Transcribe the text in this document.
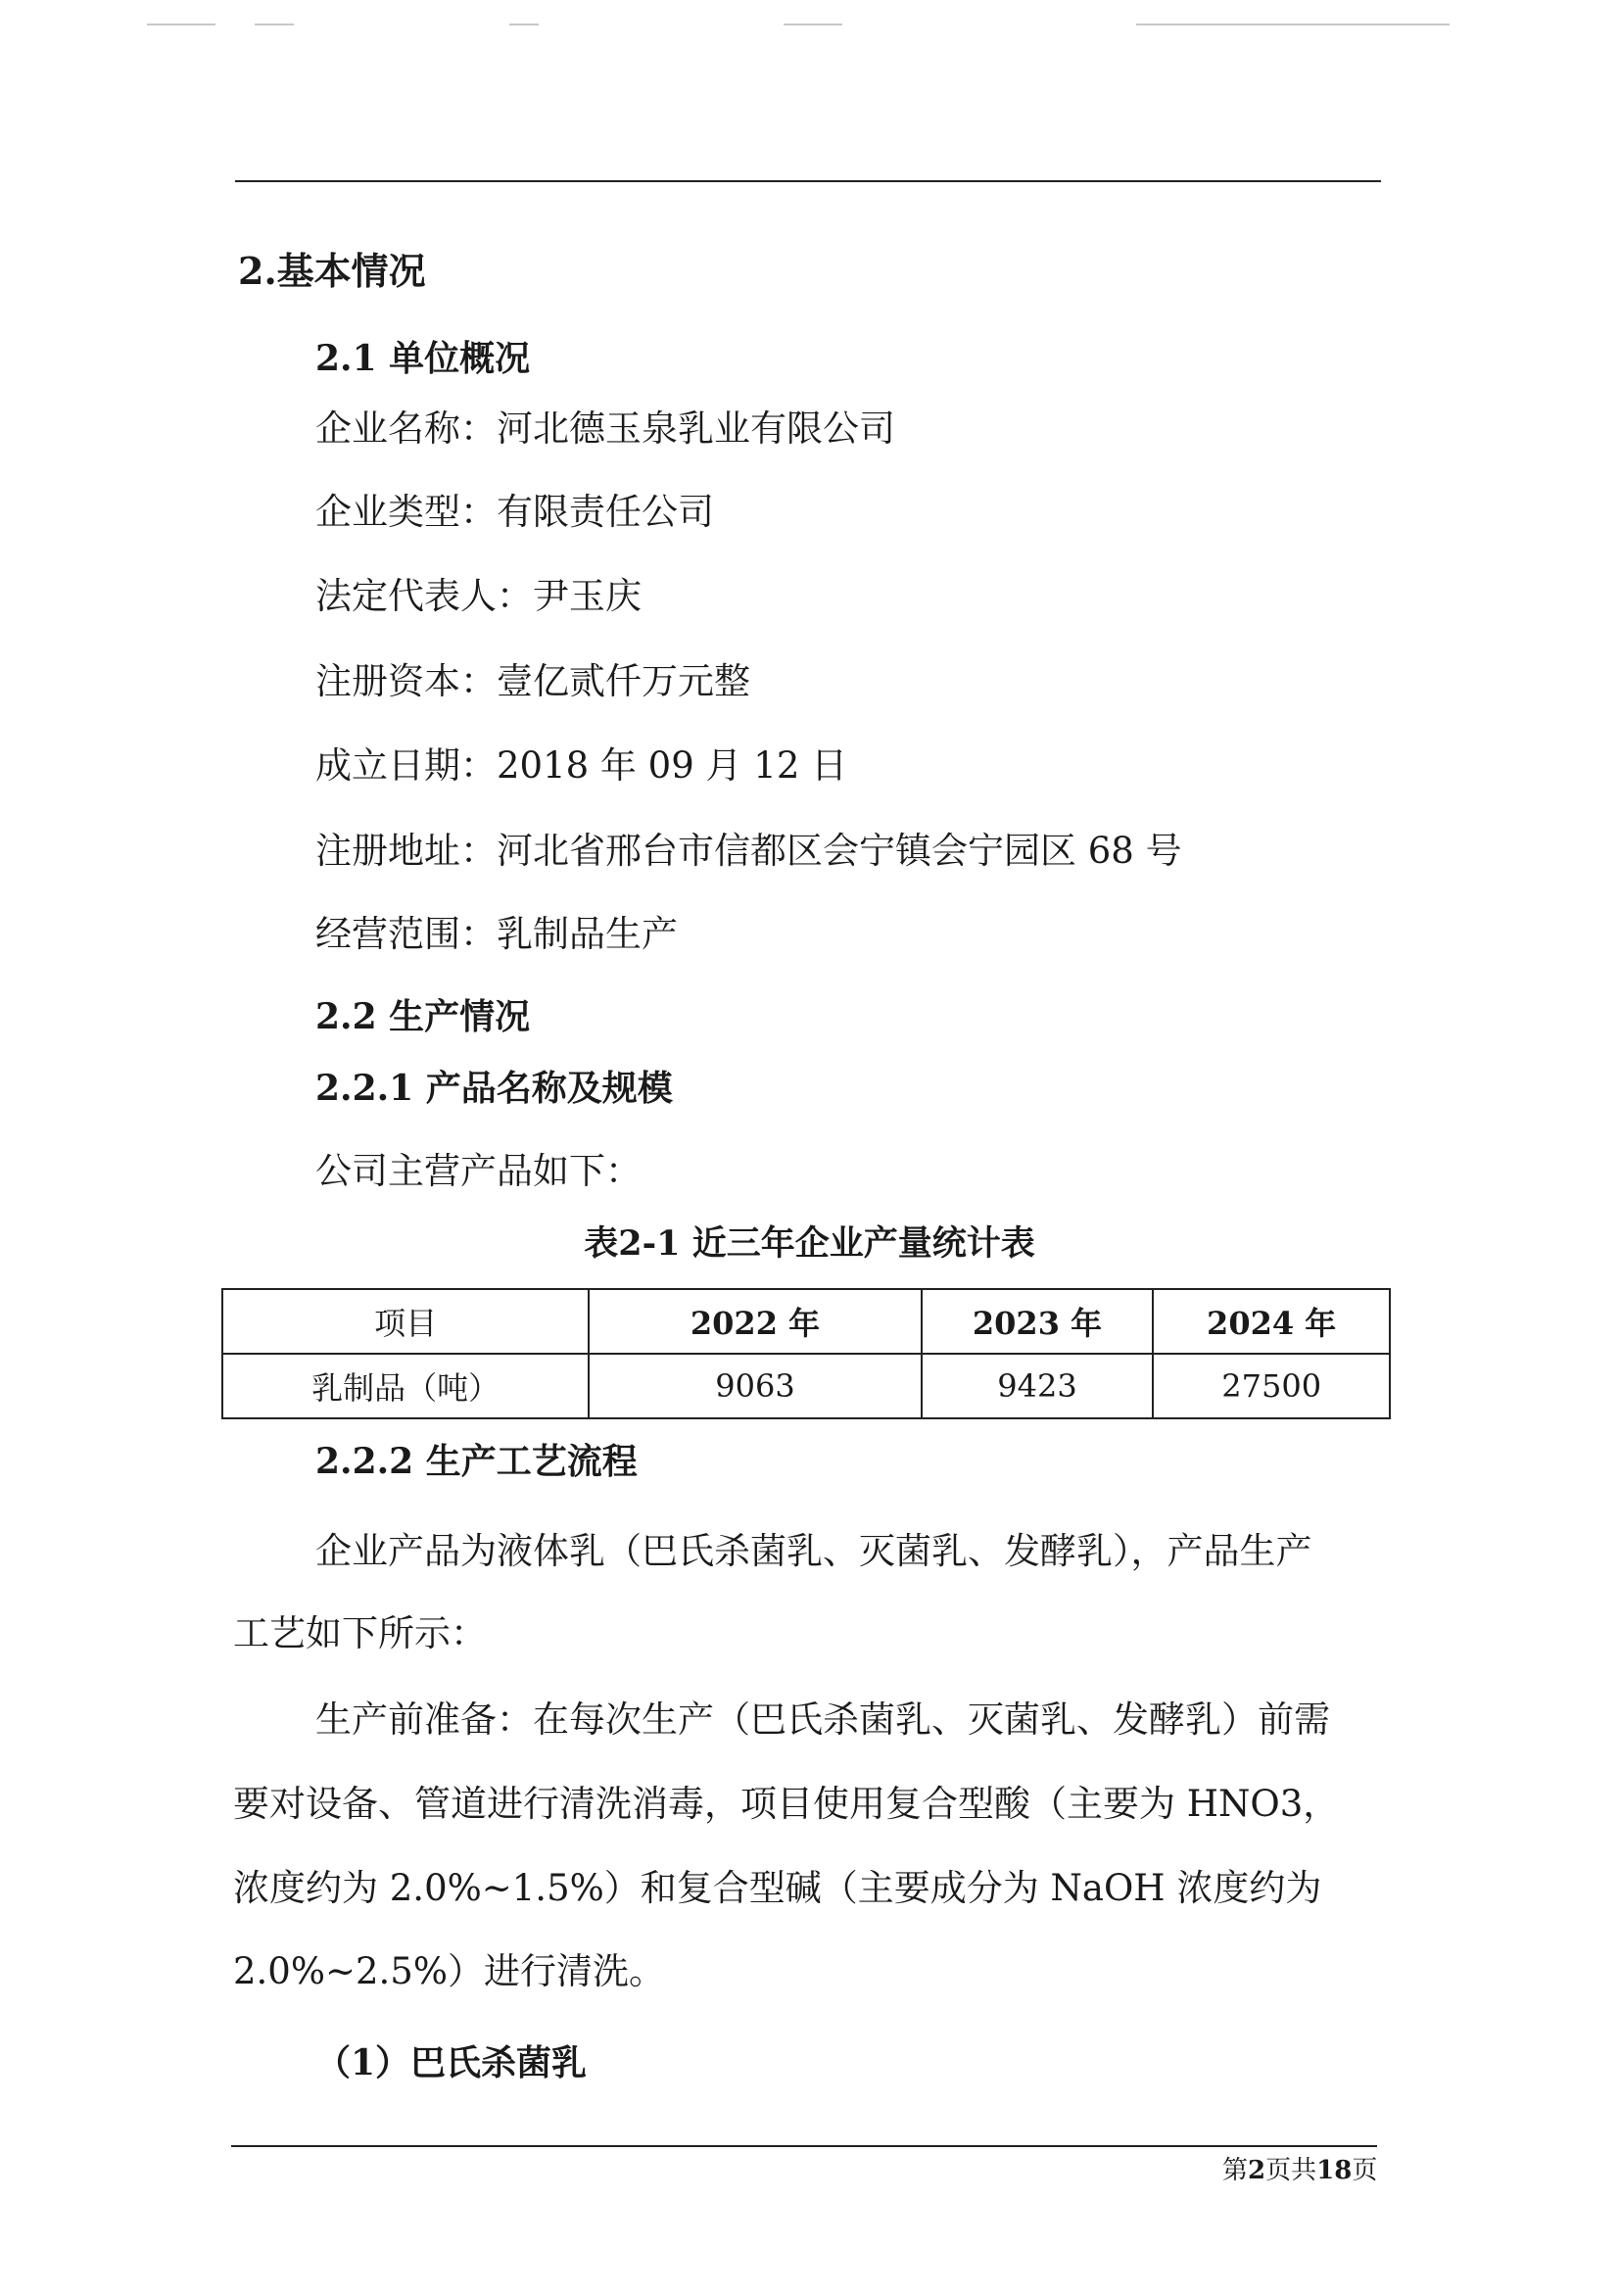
2.基本情况
2.1 单位概况
企业名称：河北德玉泉乳业有限公司
企业类型：有限责任公司
法定代表人：尹玉庆
注册资本：壹亿贰仟万元整
成立日期：2018 年 09 月 12 日
注册地址：河北省邢台市信都区会宁镇会宁园区 68 号
经营范围：乳制品生产
2.2 生产情况
2.2.1 产品名称及规模
公司主营产品如下：
表2-1 近三年企业产量统计表
项目	2022 年	2023 年	2024 年
乳制品（吨）	9063	9423	27500
2.2.2 生产工艺流程
企业产品为液体乳（巴氏杀菌乳、灭菌乳、发酵乳），产品生产
工艺如下所示：
生产前准备：在每次生产（巴氏杀菌乳、灭菌乳、发酵乳）前需
要对设备、管道进行清洗消毒，项目使用复合型酸（主要为 HNO3，
浓度约为 2.0%~1.5%）和复合型碱（主要成分为 NaOH 浓度约为
2.0%~2.5%）进行清洗。
（1）巴氏杀菌乳
第2页共18页
